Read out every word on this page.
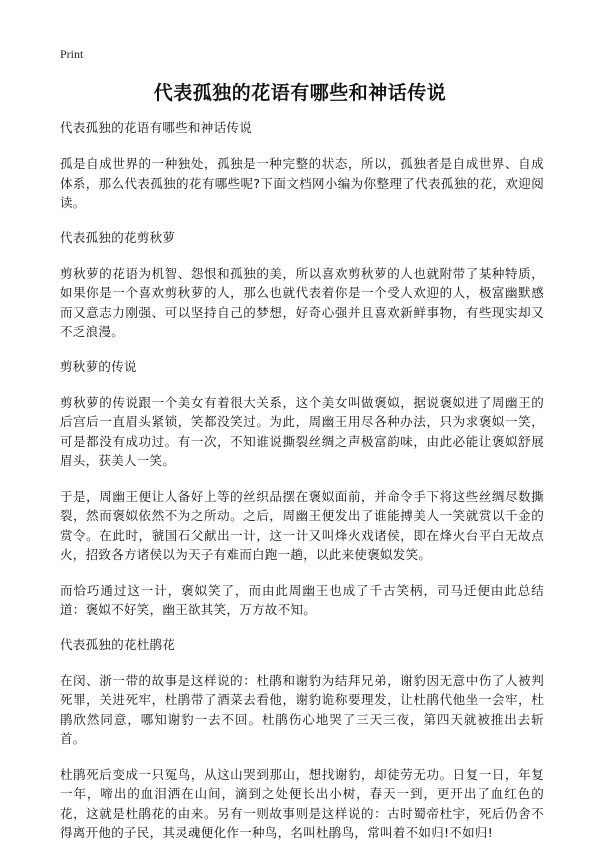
Print
代表孤独的花语有哪些和神话传说
代表孤独的花语有哪些和神话传说

孤是自成世界的一种独处，孤独是一种完整的状态，所以，孤独者是自成世界、自成体系，那么代表孤独的花有哪些呢?下面文档网小编为你整理了代表孤独的花，欢迎阅读。

代表孤独的花剪秋萝

剪秋萝的花语为机智、怨恨和孤独的美，所以喜欢剪秋萝的人也就附带了某种特质，如果你是一个喜欢剪秋萝的人，那么也就代表着你是一个受人欢迎的人，极富幽默感而又意志力刚强、可以坚持自己的梦想，好奇心强并且喜欢新鲜事物，有些现实却又不乏浪漫。

剪秋萝的传说

剪秋萝的传说跟一个美女有着很大关系，这个美女叫做褒姒，据说褒姒进了周幽王的后宫后一直眉头紧锁，笑都没笑过。为此，周幽王用尽各种办法，只为求褒姒一笑，可是都没有成功过。有一次，不知谁说撕裂丝绸之声极富韵味，由此必能让褒姒舒展眉头，获美人一笑。

于是，周幽王便让人备好上等的丝织品摆在褒姒面前，并命令手下将这些丝绸尽数撕裂，然而褒姒依然不为之所动。之后，周幽王便发出了谁能搏美人一笑就赏以千金的赏令。在此时，虢国石父献出一计，这一计又叫烽火戏诸侯，即在烽火台平白无故点火，招致各方诸侯以为天子有难而白跑一趟，以此来使褒姒发笑。

而恰巧通过这一计，褒姒笑了，而由此周幽王也成了千古笑柄，司马迁便由此总结道：褒姒不好笑，幽王欲其笑，万方故不知。

代表孤独的花杜鹃花

在闵、浙一带的故事是这样说的：杜鹃和谢豹为结拜兄弟，谢豹因无意中伤了人被判死罪，关进死牢，杜鹃带了酒菜去看他，谢豹诡称要理发，让杜鹃代他坐一会牢，杜鹃欣然同意，哪知谢豹一去不回。杜鹃伤心地哭了三天三夜，第四天就被推出去斩首。

杜鹃死后变成一只冤鸟，从这山哭到那山，想找谢豹，却徒劳无功。日复一日，年复一年，啼出的血泪洒在山间，滴到之处便长出小树，春天一到，更开出了血红色的花，这就是杜鹃花的由来。另有一则故事则是这样说的：古时蜀帝杜宇，死后仍舍不得离开他的子民，其灵魂便化作一种鸟，名叫杜鹃鸟，常叫着不如归!不如归!
